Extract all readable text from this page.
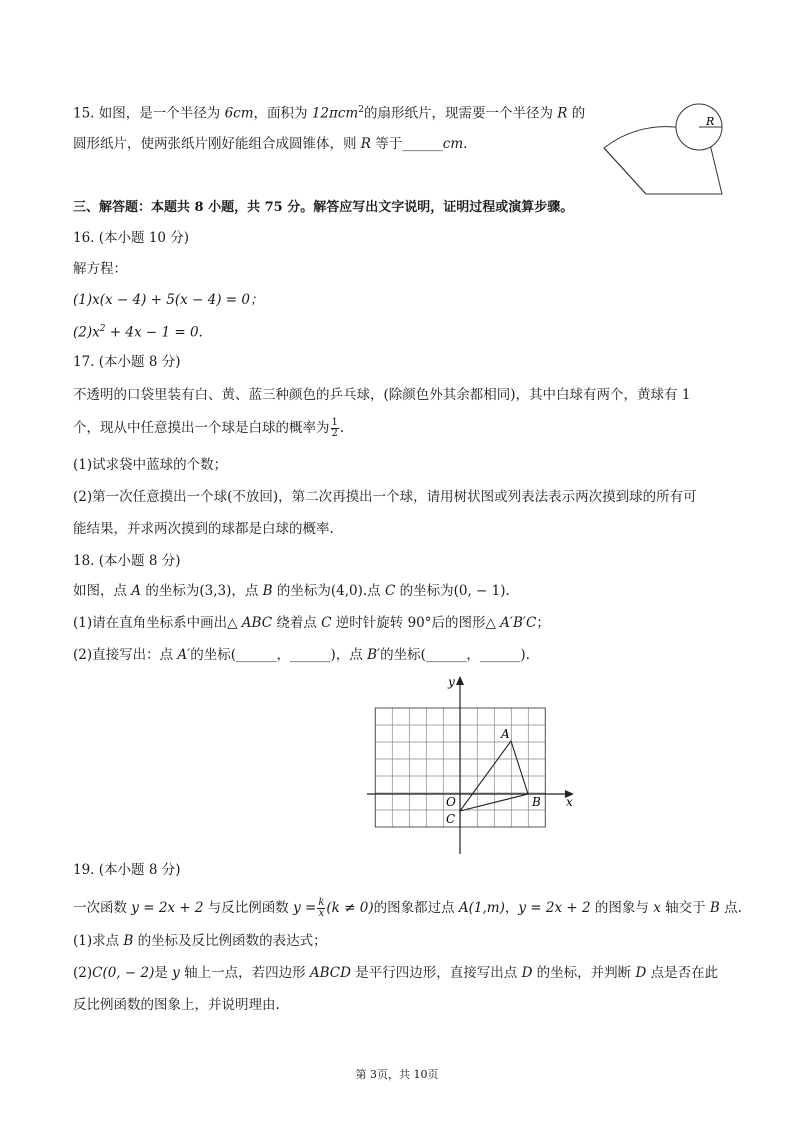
15. 如图，是一个半径为 6cm，面积为 12πcm$^2$的扇形纸片，现需要一个半径为 R 的
圆形纸片，使两张纸片刚好能组合成圆锥体，则 R 等于______cm.
R
三、解答题：本题共 8 小题，共 75 分。解答应写出文字说明，证明过程或演算步骤。
16. (本小题 10 分)
解方程：
(1)x(x − 4) + 5(x − 4) = 0；
$(2)x^2 + 4x - 1 = 0$.
17. (本小题 8 分)
不透明的口袋里装有白、黄、蓝三种颜色的乒乓球，(除颜色外其余都相同)，其中白球有两个，黄球有 1
个，现从中任意摸出一个球是白球的概率为 $\frac{1}{2}$ .
(1)试求袋中蓝球的个数；
(2)第一次任意摸出一个球(不放回)，第二次再摸出一个球，请用树状图或列表法表示两次摸到球的所有可
能结果，并求两次摸到的球都是白球的概率.
18. (本小题 8 分)
如图，点 A 的坐标为(3,3)，点 B 的坐标为(4,0).点 C 的坐标为(0, − 1).
(1)请在直角坐标系中画出△ ABC 绕着点 C 逆时针旋转 90°后的图形△ A′B′C；
(2)直接写出：点 A′的坐标(______，______)，点 B′的坐标(______，______).
x
y
O
A
B
C
19. (本小题 8 分)
一次函数 y = 2x + 2 与反比例函数 $y = \frac{k}{x} (k \ne 0)$的图象都过点 A(1,m)，y = 2x + 2 的图象与 x 轴交于 B 点.
(1)求点 B 的坐标及反比例函数的表达式；
(2)C(0, − 2)是 y 轴上一点，若四边形 ABCD 是平行四边形，直接写出点 D 的坐标，并判断 D 点是否在此
反比例函数的图象上，并说明理由.
第 3页，共 10页
